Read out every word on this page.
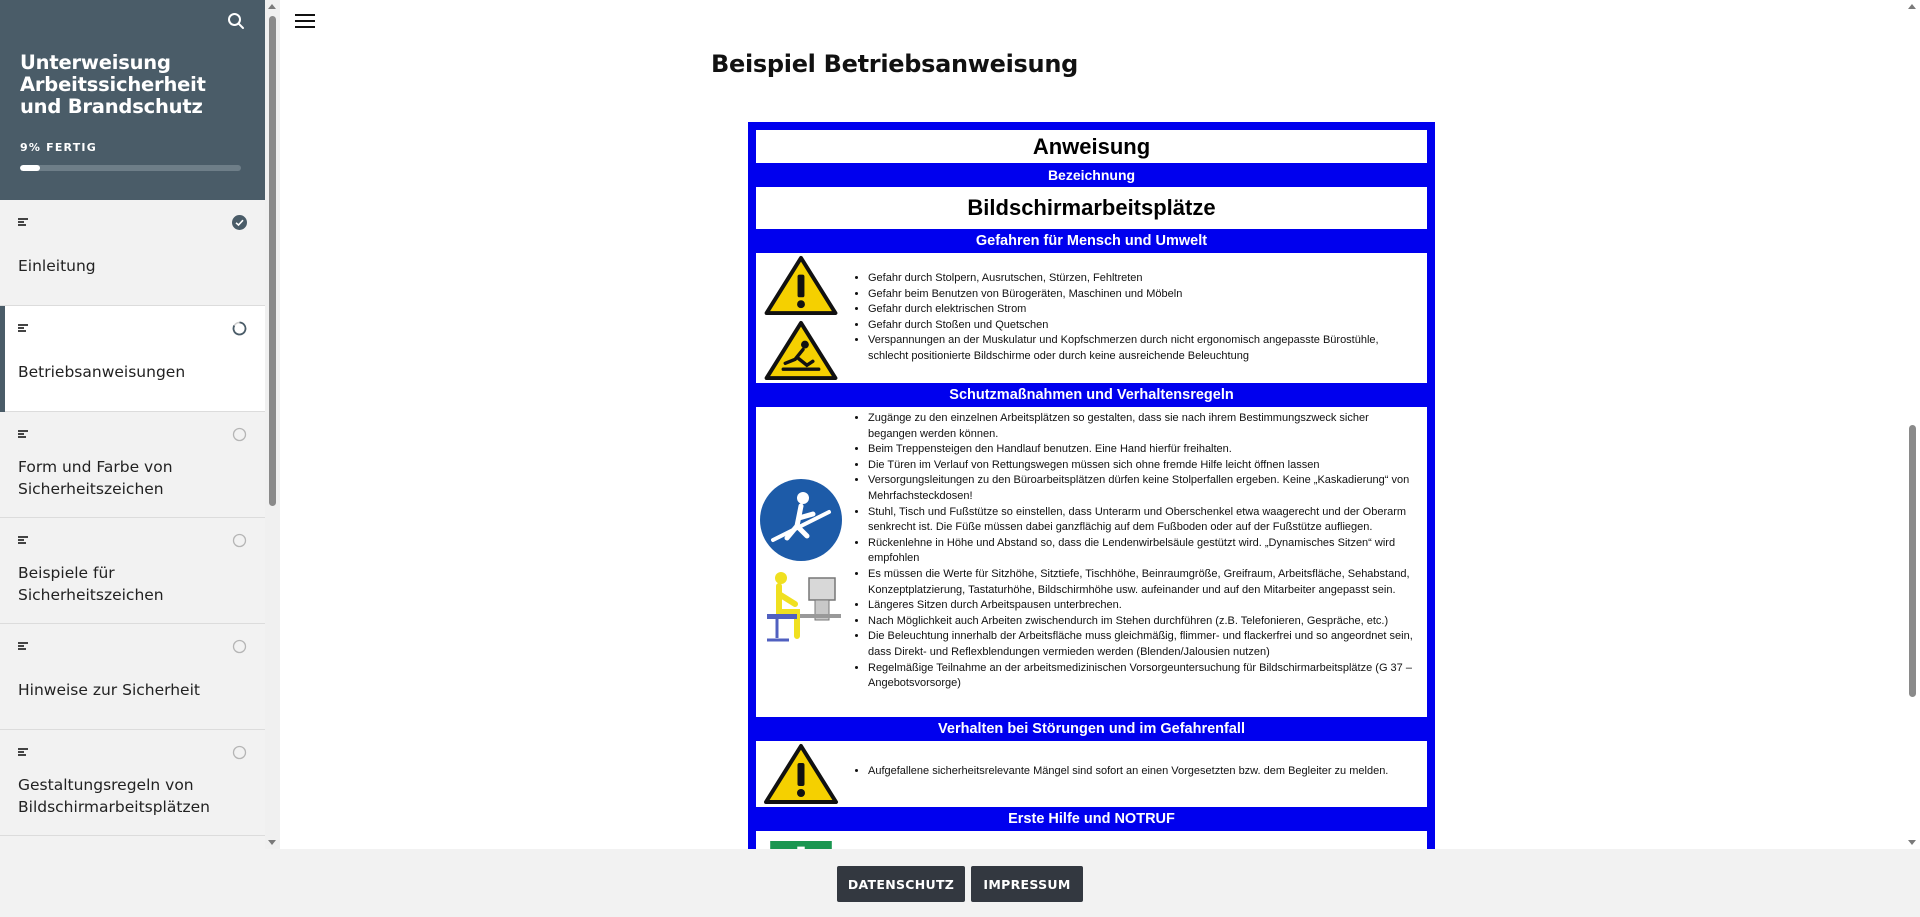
Unterweisung Arbeitssicherheit und Brandschutz
9% FERTIG
Einleitung
Betriebsanweisungen
Form und Farbe von Sicherheitszeichen
Beispiele für Sicherheitszeichen
Hinweise zur Sicherheit
Gestaltungsregeln von Bildschirmarbeitsplätzen
Beispiel Betriebsanweisung
Anweisung
Bezeichnung
Bildschirmarbeitsplätze
Gefahren für Mensch und Umwelt
• Gefahr durch Stolpern, Ausrutschen, Stürzen, Fehltreten
• Gefahr beim Benutzen von Bürogeräten, Maschinen und Möbeln
• Gefahr durch elektrischen Strom
• Gefahr durch Stoßen und Quetschen
• Verspannungen an der Muskulatur und Kopfschmerzen durch nicht ergonomisch angepasste Bürostühle, schlecht positionierte Bildschirme oder durch keine ausreichende Beleuchtung
Schutzmaßnahmen und Verhaltensregeln
• Zugänge zu den einzelnen Arbeitsplätzen so gestalten, dass sie nach ihrem Bestimmungszweck sicher begangen werden können.
• Beim Treppensteigen den Handlauf benutzen. Eine Hand hierfür freihalten.
• Die Türen im Verlauf von Rettungswegen müssen sich ohne fremde Hilfe leicht öffnen lassen
• Versorgungsleitungen zu den Büroarbeitsplätzen dürfen keine Stolperfallen ergeben. Keine „Kaskadierung“ von Mehrfachsteckdosen!
• Stuhl, Tisch und Fußstütze so einstellen, dass Unterarm und Oberschenkel etwa waagerecht und der Oberarm senkrecht ist. Die Füße müssen dabei ganzflächig auf dem Fußboden oder auf der Fußstütze aufliegen.
• Rückenlehne in Höhe und Abstand so, dass die Lendenwirbelsäule gestützt wird. „Dynamisches Sitzen“ wird empfohlen
• Es müssen die Werte für Sitzhöhe, Sitztiefe, Tischhöhe, Beinraumgröße, Greifraum, Arbeitsfläche, Sehabstand, Konzeptplatzierung, Tastaturhöhe, Bildschirmhöhe usw. aufeinander und auf den Mitarbeiter angepasst sein.
• Längeres Sitzen durch Arbeitspausen unterbrechen.
• Nach Möglichkeit auch Arbeiten zwischendurch im Stehen durchführen (z.B. Telefonieren, Gespräche, etc.)
• Die Beleuchtung innerhalb der Arbeitsfläche muss gleichmäßig, flimmer- und flackerfrei und so angeordnet sein, dass Direkt- und Reflexblendungen vermieden werden (Blenden/Jalousien nutzen)
• Regelmäßige Teilnahme an der arbeitsmedizinischen Vorsorgeuntersuchung für Bildschirmarbeitsplätze (G 37 – Angebotsvorsorge)
Verhalten bei Störungen und im Gefahrenfall
• Aufgefallene sicherheitsrelevante Mängel sind sofort an einen Vorgesetzten bzw. dem Begleiter zu melden.
Erste Hilfe und NOTRUF
DATENSCHUTZ	IMPRESSUM
